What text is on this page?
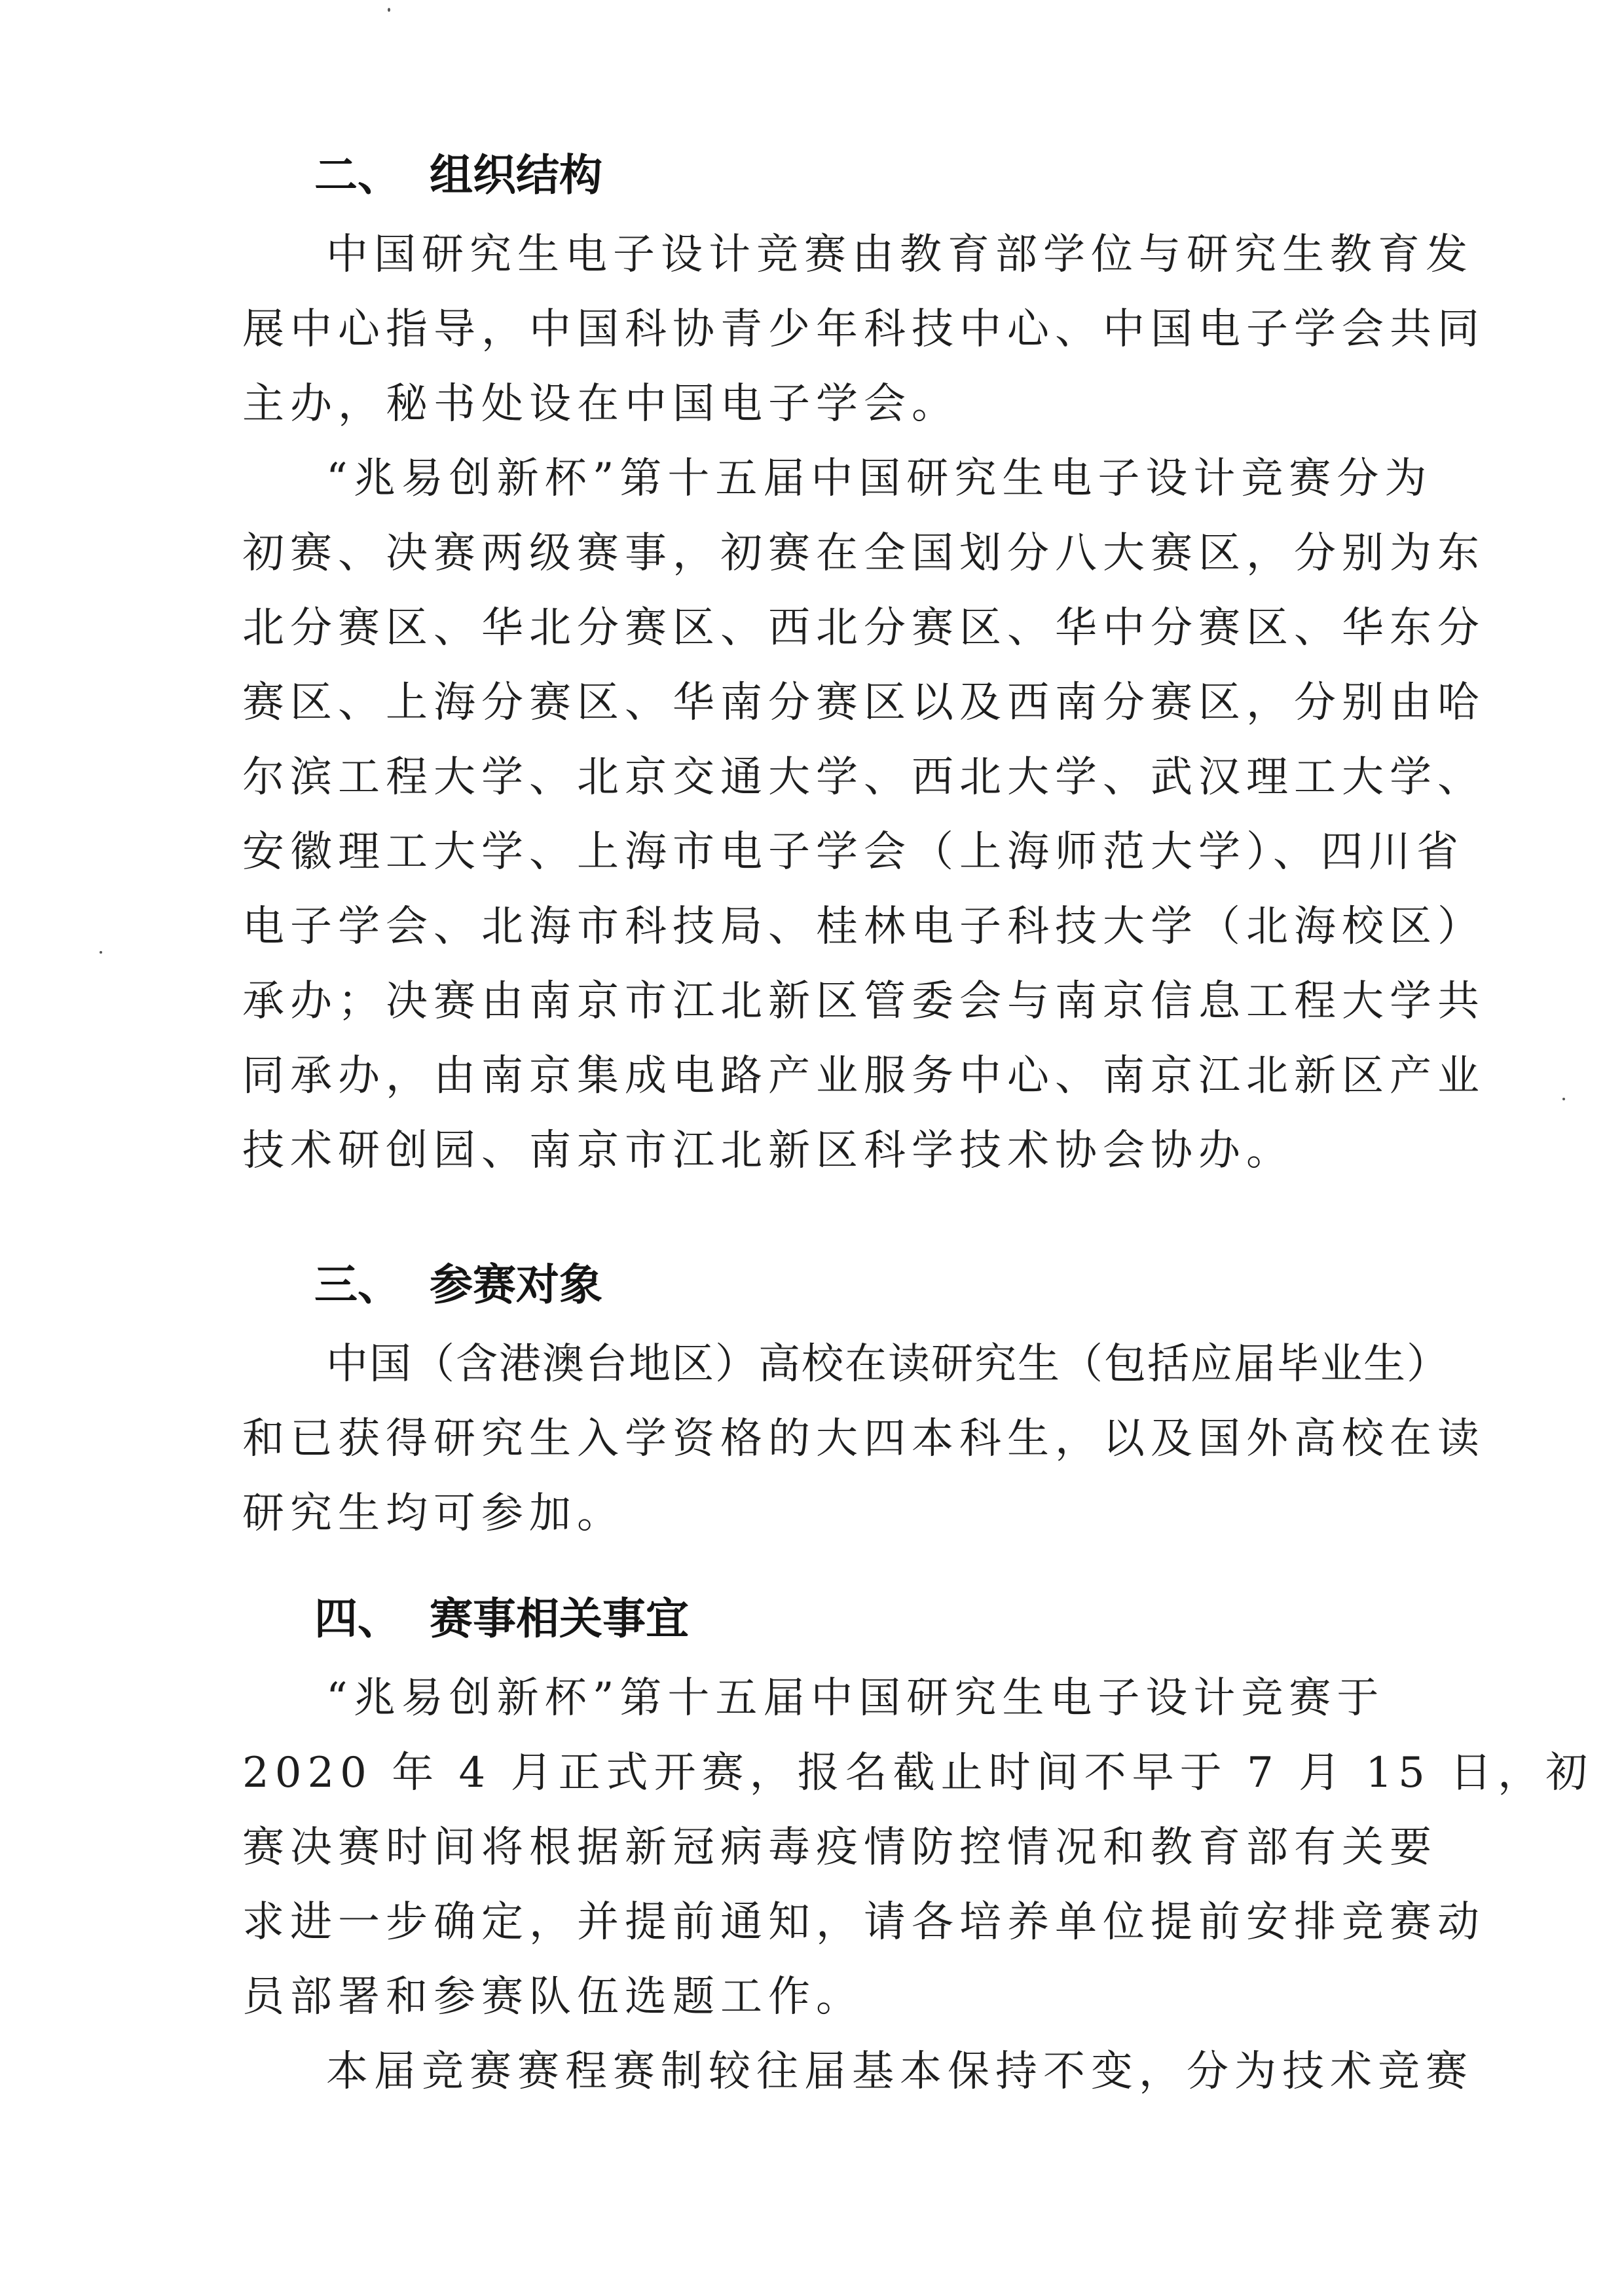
二、 组织结构
中国研究生电子设计竞赛由教育部学位与研究生教育发
展中心指导，中国科协青少年科技中心、中国电子学会共同
主办，秘书处设在中国电子学会。
“兆易创新杯”第十五届中国研究生电子设计竞赛分为
初赛、决赛两级赛事，初赛在全国划分八大赛区，分别为东
北分赛区、华北分赛区、西北分赛区、华中分赛区、华东分
赛区、上海分赛区、华南分赛区以及西南分赛区，分别由哈
尔滨工程大学、北京交通大学、西北大学、武汉理工大学、
安徽理工大学、上海市电子学会（上海师范大学）、四川省
电子学会、北海市科技局、桂林电子科技大学（北海校区）
承办；决赛由南京市江北新区管委会与南京信息工程大学共
同承办，由南京集成电路产业服务中心、南京江北新区产业
技术研创园、南京市江北新区科学技术协会协办。
三、 参赛对象
中国（含港澳台地区）高校在读研究生（包括应届毕业生）
和已获得研究生入学资格的大四本科生，以及国外高校在读
研究生均可参加。
四、 赛事相关事宜
“兆易创新杯”第十五届中国研究生电子设计竞赛于
2020 年 4 月正式开赛，报名截止时间不早于 7 月 15 日，初
赛决赛时间将根据新冠病毒疫情防控情况和教育部有关要
求进一步确定，并提前通知，请各培养单位提前安排竞赛动
员部署和参赛队伍选题工作。
本届竞赛赛程赛制较往届基本保持不变，分为技术竞赛
